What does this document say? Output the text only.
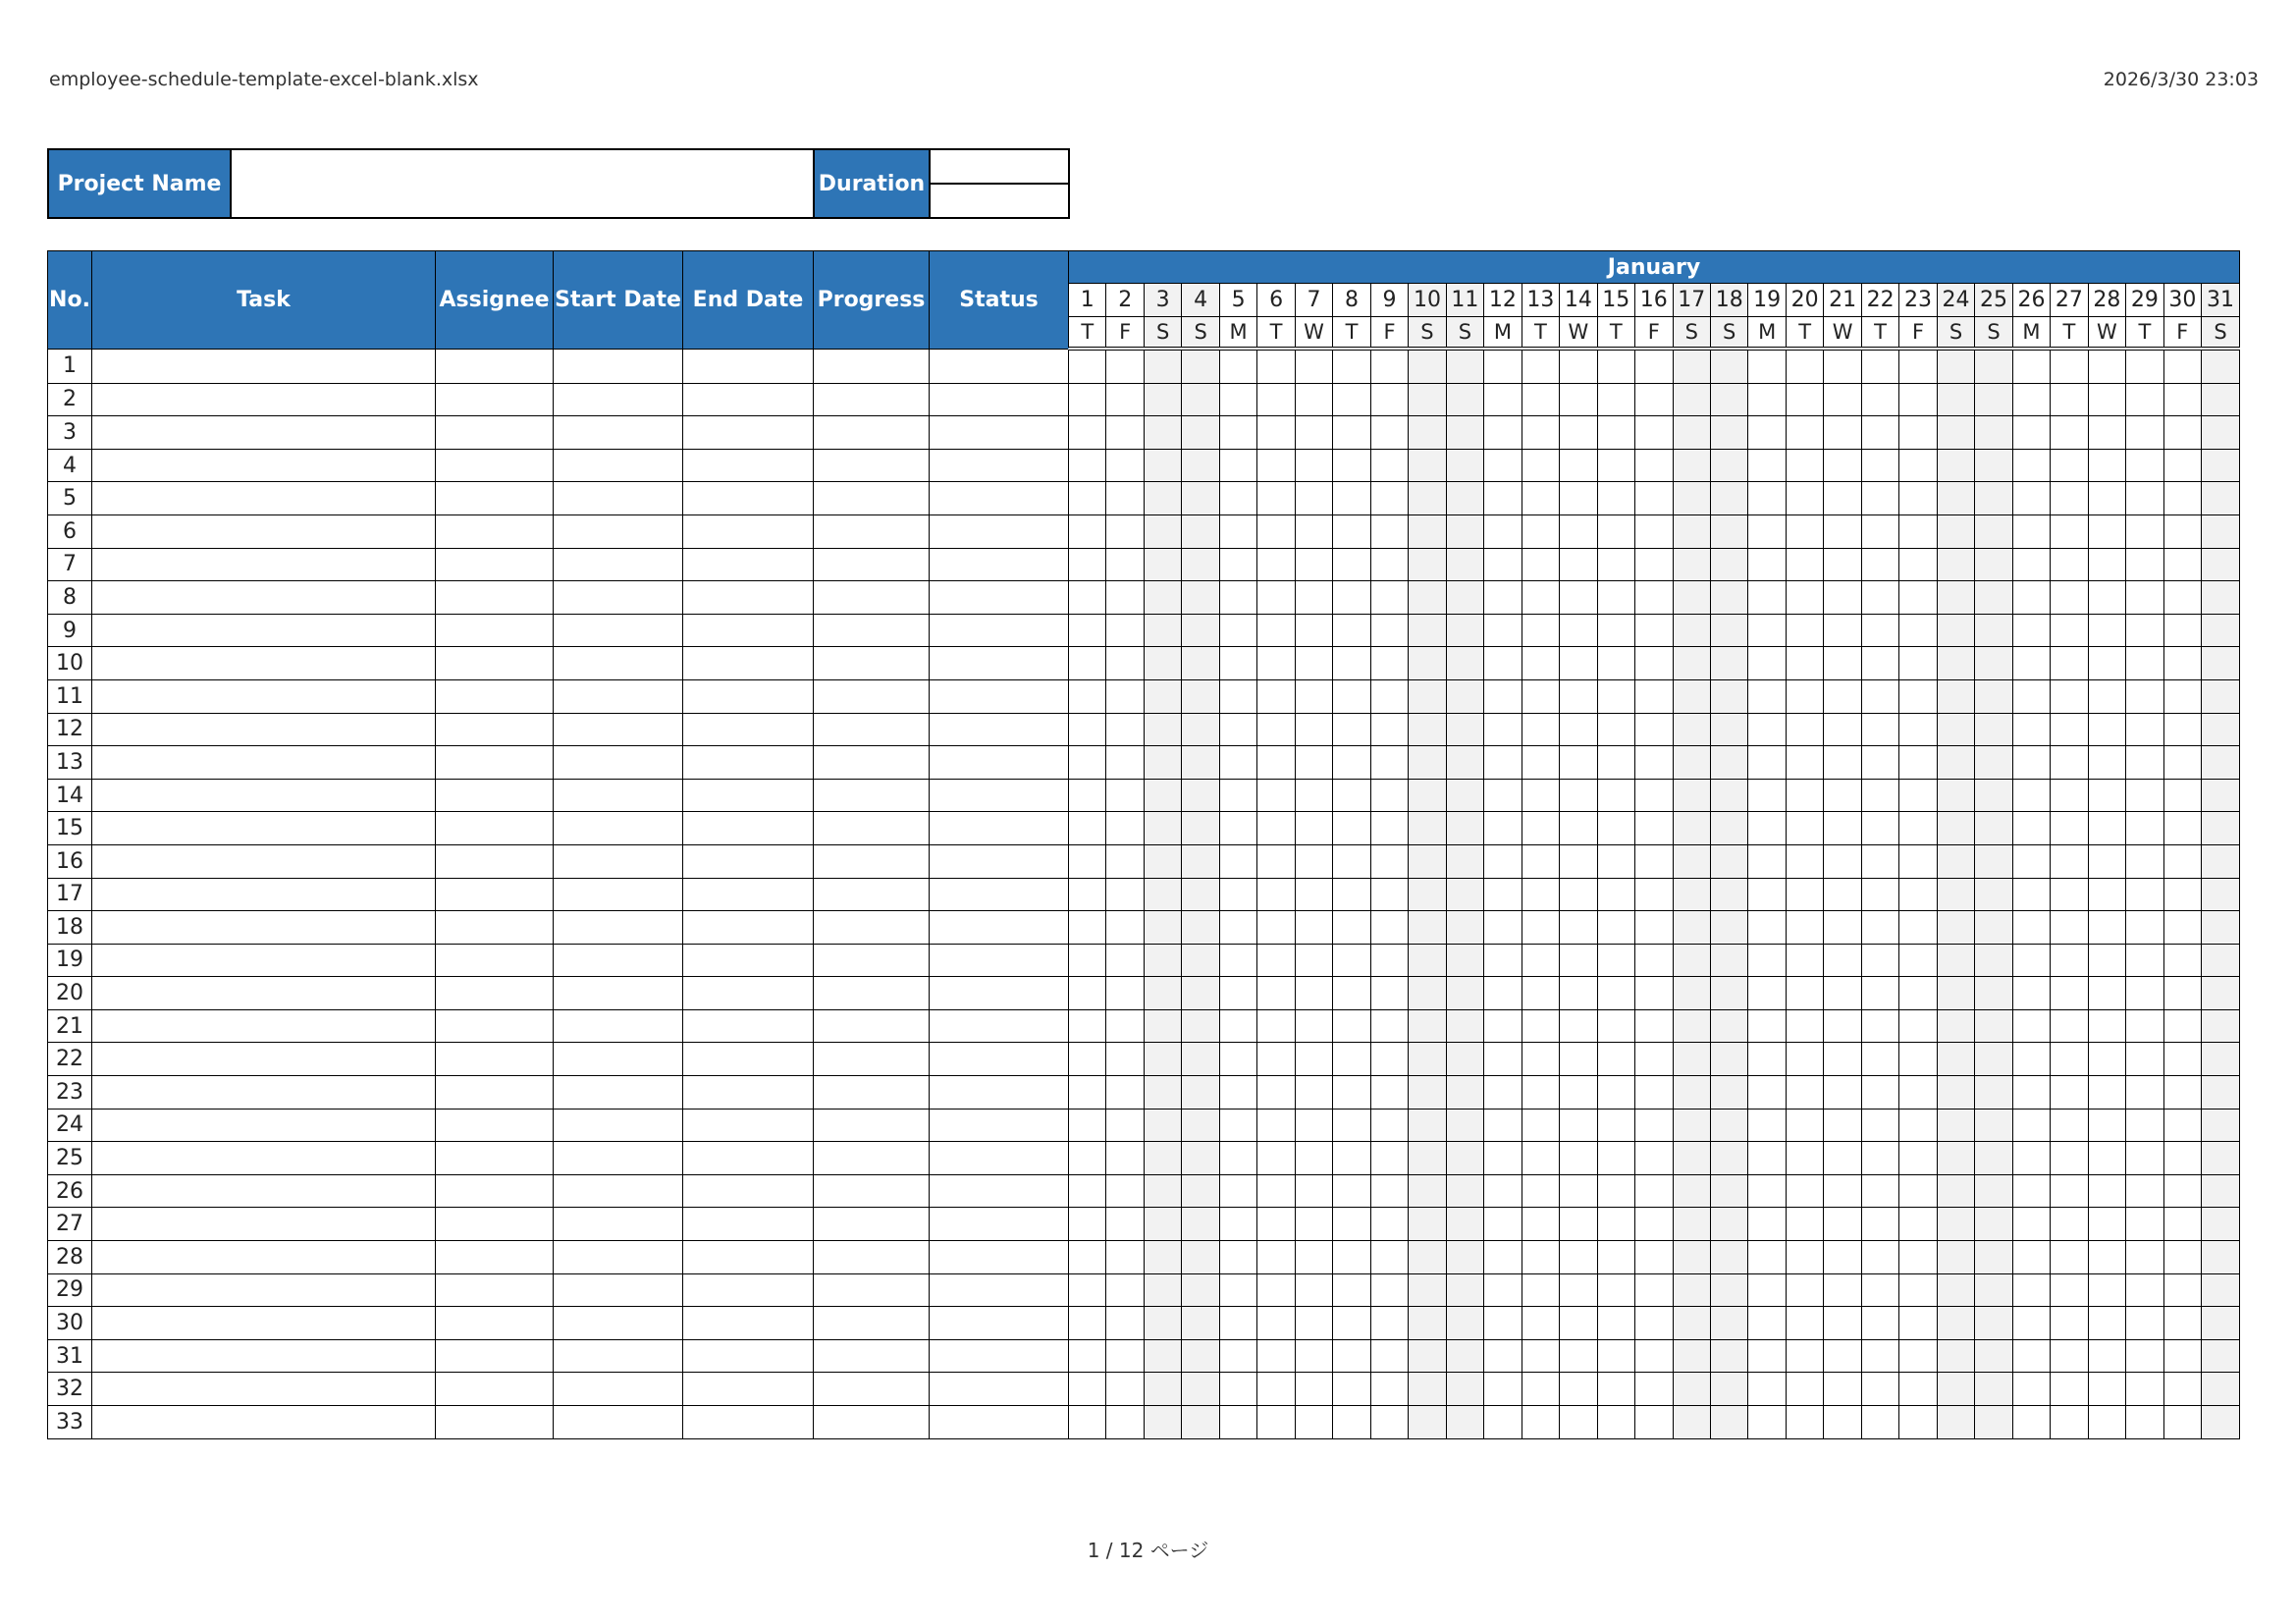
employee-schedule-template-excel-blank.xlsx	2026/3/30 23:03
Project Name		Duration	

No.	Task	Assignee	Start Date	End Date	Progress	Status	January																														
							1	2	3	4	5	6	7	8	9	10	11	12	13	14	15	16	17	18	19	20	21	22	23	24	25	26	27	28	29	30	31
							T	F	S	S	M	T	W	T	F	S	S	M	T	W	T	F	S	S	M	T	W	T	F	S	S	M	T	W	T	F	S
1																																					
2																																					
3																																					
4																																					
5																																					
6																																					
7																																					
8																																					
9																																					
10																																					
11																																					
12																																					
13																																					
14																																					
15																																					
16																																					
17																																					
18																																					
19																																					
20																																					
21																																					
22																																					
23																																					
24																																					
25																																					
26																																					
27																																					
28																																					
29																																					
30																																					
31																																					
32																																					
33																																					
1 / 12 ページ
